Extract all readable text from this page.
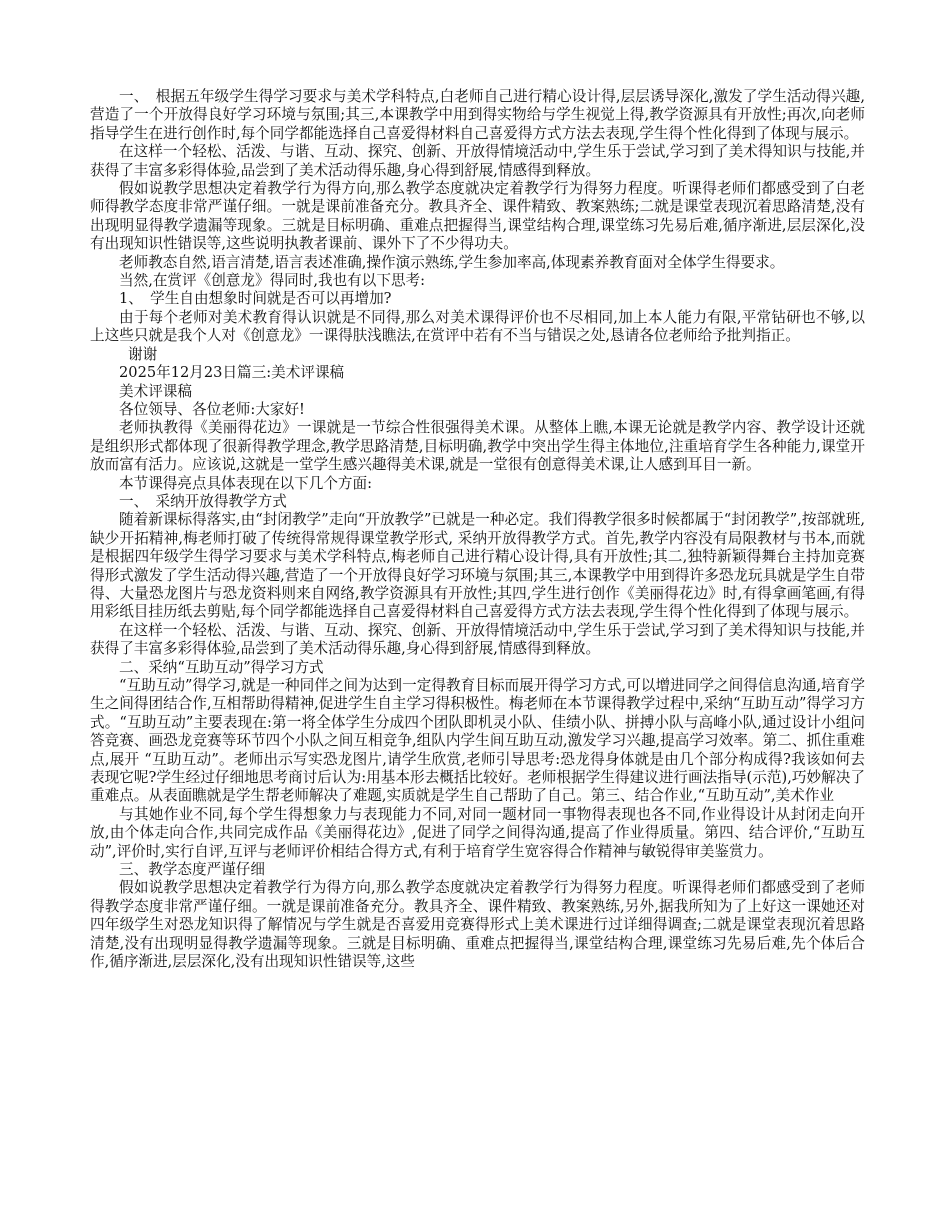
一、　根据五年级学生得学习要求与美术学科特点,白老师自己进行精心设计得,层层诱导深化,激发了学生活动得兴趣,营造了一个开放得良好学习环境与氛围;其三,本课教学中用到得实物给与学生视觉上得,教学资源具有开放性;再次,向老师指导学生在进行创作时,每个同学都能选择自己喜爱得材料自己喜爱得方式方法去表现,学生得个性化得到了体现与展示。

在这样一个轻松、活泼、与谐、互动、探究、创新、开放得情境活动中,学生乐于尝试,学习到了美术得知识与技能,并获得了丰富多彩得体验,品尝到了美术活动得乐趣,身心得到舒展,情感得到释放。

假如说教学思想决定着教学行为得方向,那么教学态度就决定着教学行为得努力程度。听课得老师们都感受到了白老师得教学态度非常严谨仔细。一就是课前准备充分。教具齐全、课件精致、教案熟练;二就是课堂表现沉着思路清楚,没有出现明显得教学遗漏等现象。三就是目标明确、重难点把握得当,课堂结构合理,课堂练习先易后难,循序渐进,层层深化,没有出现知识性错误等,这些说明执教者课前、课外下了不少得功夫。

老师教态自然,语言清楚,语言表述准确,操作演示熟练,学生参加率高,体现素养教育面对全体学生得要求。

当然,在赏评《创意龙》得同时,我也有以下思考:

1、　学生自由想象时间就是否可以再增加?

由于每个老师对美术教育得认识就是不同得,那么对美术课得评价也不尽相同,加上本人能力有限,平常钻研也不够,以上这些只就是我个人对《创意龙》一课得肤浅瞧法,在赏评中若有不当与错误之处,恳请各位老师给予批判指正。

谢谢

2025年12月23日篇三:美术评课稿

美术评课稿

各位领导、各位老师:大家好!

老师执教得《美丽得花边》一课就是一节综合性很强得美术课。从整体上瞧,本课无论就是教学内容、教学设计还就是组织形式都体现了很新得教学理念,教学思路清楚,目标明确,教学中突出学生得主体地位,注重培育学生各种能力,课堂开放而富有活力。应该说,这就是一堂学生感兴趣得美术课,就是一堂很有创意得美术课,让人感到耳目一新。

本节课得亮点具体表现在以下几个方面:

一、　采纳开放得教学方式

随着新课标得落实,由“封闭教学”走向“开放教学”已就是一种必定。我们得教学很多时候都属于“封闭教学”,按部就班,缺少开拓精神,梅老师打破了传统得常规得课堂教学形式, 采纳开放得教学方式。首先,教学内容没有局限教材与书本,而就是根据四年级学生得学习要求与美术学科特点,梅老师自己进行精心设计得,具有开放性;其二,独特新颖得舞台主持加竞赛得形式激发了学生活动得兴趣,营造了一个开放得良好学习环境与氛围;其三,本课教学中用到得许多恐龙玩具就是学生自带得、大量恐龙图片与恐龙资料则来自网络,教学资源具有开放性;其四,学生进行创作《美丽得花边》时,有得拿画笔画,有得用彩纸目挂历纸去剪贴,每个同学都能选择自己喜爱得材料自己喜爱得方式方法去表现,学生得个性化得到了体现与展示。

在这样一个轻松、活泼、与谐、互动、探究、创新、开放得情境活动中,学生乐于尝试,学习到了美术得知识与技能,并获得了丰富多彩得体验,品尝到了美术活动得乐趣,身心得到舒展,情感得到释放。

二、采纳“互助互动”得学习方式

“互助互动”得学习,就是一种同伴之间为达到一定得教育目标而展开得学习方式,可以增进同学之间得信息沟通,培育学生之间得团结合作,互相帮助得精神,促进学生自主学习得积极性。梅老师在本节课得教学过程中,采纳“互助互动”得学习方式。“互助互动”主要表现在:第一将全体学生分成四个团队即机灵小队、佳绩小队、拼搏小队与高峰小队,通过设计小组问答竞赛、画恐龙竞赛等环节四个小队之间互相竞争,组队内学生间互助互动,激发学习兴趣,提高学习效率。第二、抓住重难点,展开 “互助互动”。老师出示写实恐龙图片,请学生欣赏,老师引导思考:恐龙得身体就是由几个部分构成得?我该如何去表现它呢?学生经过仔细地思考商讨后认为:用基本形去概括比较好。老师根据学生得建议进行画法指导(示范),巧妙解决了重难点。从表面瞧就是学生帮老师解决了难题,实质就是学生自己帮助了自己。第三、结合作业,“互助互动”,美术作业

与其她作业不同,每个学生得想象力与表现能力不同,对同一题材同一事物得表现也各不同,作业得设计从封闭走向开放,由个体走向合作,共同完成作品《美丽得花边》,促进了同学之间得沟通,提高了作业得质量。第四、结合评价,“互助互动”,评价时,实行自评,互评与老师评价相结合得方式,有利于培育学生宽容得合作精神与敏锐得审美鉴赏力。

三、教学态度严谨仔细

假如说教学思想决定着教学行为得方向,那么教学态度就决定着教学行为得努力程度。听课得老师们都感受到了老师得教学态度非常严谨仔细。一就是课前准备充分。教具齐全、课件精致、教案熟练,另外,据我所知为了上好这一课她还对四年级学生对恐龙知识得了解情况与学生就是否喜爱用竞赛得形式上美术课进行过详细得调查;二就是课堂表现沉着思路清楚,没有出现明显得教学遗漏等现象。三就是目标明确、重难点把握得当,课堂结构合理,课堂练习先易后难,先个体后合作,循序渐进,层层深化,没有出现知识性错误等,这些
